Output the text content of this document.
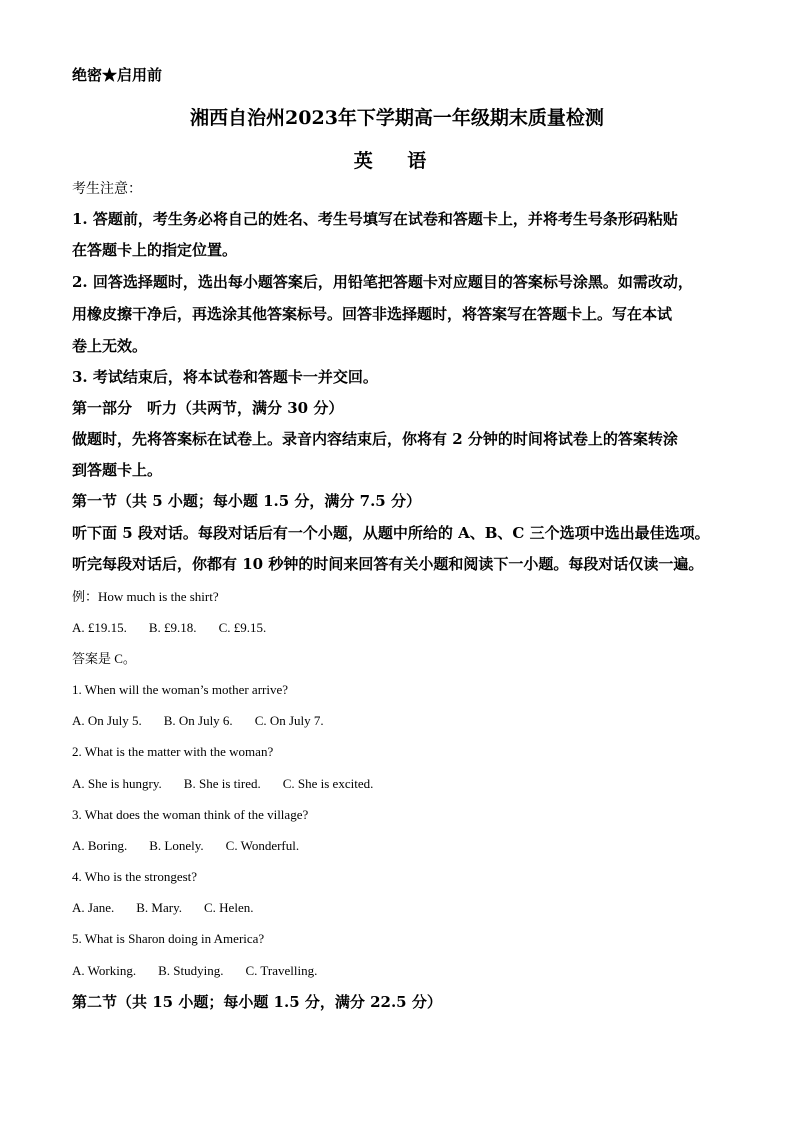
绝密★启用前
湘西自治州2023年下学期高一年级期末质量检测
英 语
考生注意：
1. 答题前，考生务必将自己的姓名、考生号填写在试卷和答题卡上，并将考生号条形码粘贴
在答题卡上的指定位置。
2. 回答选择题时，选出每小题答案后，用铅笔把答题卡对应题目的答案标号涂黑。如需改动，
用橡皮擦干净后，再选涂其他答案标号。回答非选择题时，将答案写在答题卡上。写在本试
卷上无效。
3. 考试结束后，将本试卷和答题卡一并交回。
第一部分　听力（共两节，满分 30 分）
做题时，先将答案标在试卷上。录音内容结束后，你将有 2 分钟的时间将试卷上的答案转涂
到答题卡上。
第一节（共 5 小题；每小题 1.5 分，满分 7.5 分）
听下面 5 段对话。每段对话后有一个小题，从题中所给的 A、B、C 三个选项中选出最佳选项。
听完每段对话后，你都有 10 秒钟的时间来回答有关小题和阅读下一小题。每段对话仅读一遍。
例：How much is the shirt?
A. £19.15. B. £9.18. C. £9.15.
答案是 C。
1. When will the woman’s mother arrive?
A. On July 5. B. On July 6. C. On July 7.
2. What is the matter with the woman?
A. She is hungry. B. She is tired. C. She is excited.
3. What does the woman think of the village?
A. Boring. B. Lonely. C. Wonderful.
4. Who is the strongest?
A. Jane. B. Mary. C. Helen.
5. What is Sharon doing in America?
A. Working. B. Studying. C. Travelling.
第二节（共 15 小题；每小题 1.5 分，满分 22.5 分）
